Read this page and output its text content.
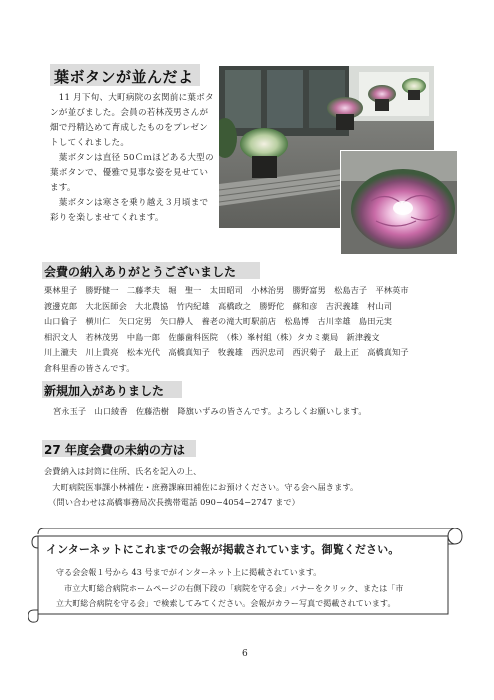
葉ボタンが並んだよ
　11 月下旬、大町病院の玄関前に葉ボタ
ンが並びました。会員の若林茂男さんが
畑で丹精込めて育成したものをプレゼン
トしてくれました。
　葉ボタンは直径 50Ｃｍほどある大型の
葉ボタンで、優雅で見事な姿を見せてい
ます。
　葉ボタンは寒さを乗り越え３月頃まで
彩りを楽しませてくれます。
会費の納入ありがとうございました
栗林里子　勝野健一　二藤孝夫　堀　聖一　太田昭司　小林治男　勝野富男　松島吉子　平林英市
渡邊克郎　大北医師会　大北農協　竹内紀雄　高橋政之　勝野佗　蘇和彦　吉沢義雄　村山司
山口倫子　横川仁　矢口定男　矢口静人　養老の滝大町駅前店　松島博　古川幸雄　島田元実
相沢文人　若林茂男　中島一郎　佐藤歯科医院　（株）峯村組（株）タカミ薬局　新津義文
川上瀧夫　川上貴亮　松本光代　高橋真知子　牧義雄　西沢忠司　西沢菊子　最上正　高橋真知子
倉科里香の皆さんです。
新規加入がありました
宮永玉子　山口綾香　佐藤浩樹　降旗いずみの皆さんです。よろしくお願いします。
27 年度会費の未納の方は
会費納入は封筒に住所、氏名を記入の上、
　大町病院医事課小林補佐・庶務課麻田補佐にお預けください。守る会へ届きます。
　（問い合わせは高橋事務局次長携帯電話 090−4054−2747 まで）
インターネットにこれまでの会報が掲載されています。御覧ください。
守る会会報１号から 43 号までがインターネット上に掲載されています。
　市立大町総合病院ホームページの右側下段の「病院を守る会」バナーをクリック、または「市
立大町総合病院を守る会」で検索してみてください。会報がカラー写真で掲載されています。
6
